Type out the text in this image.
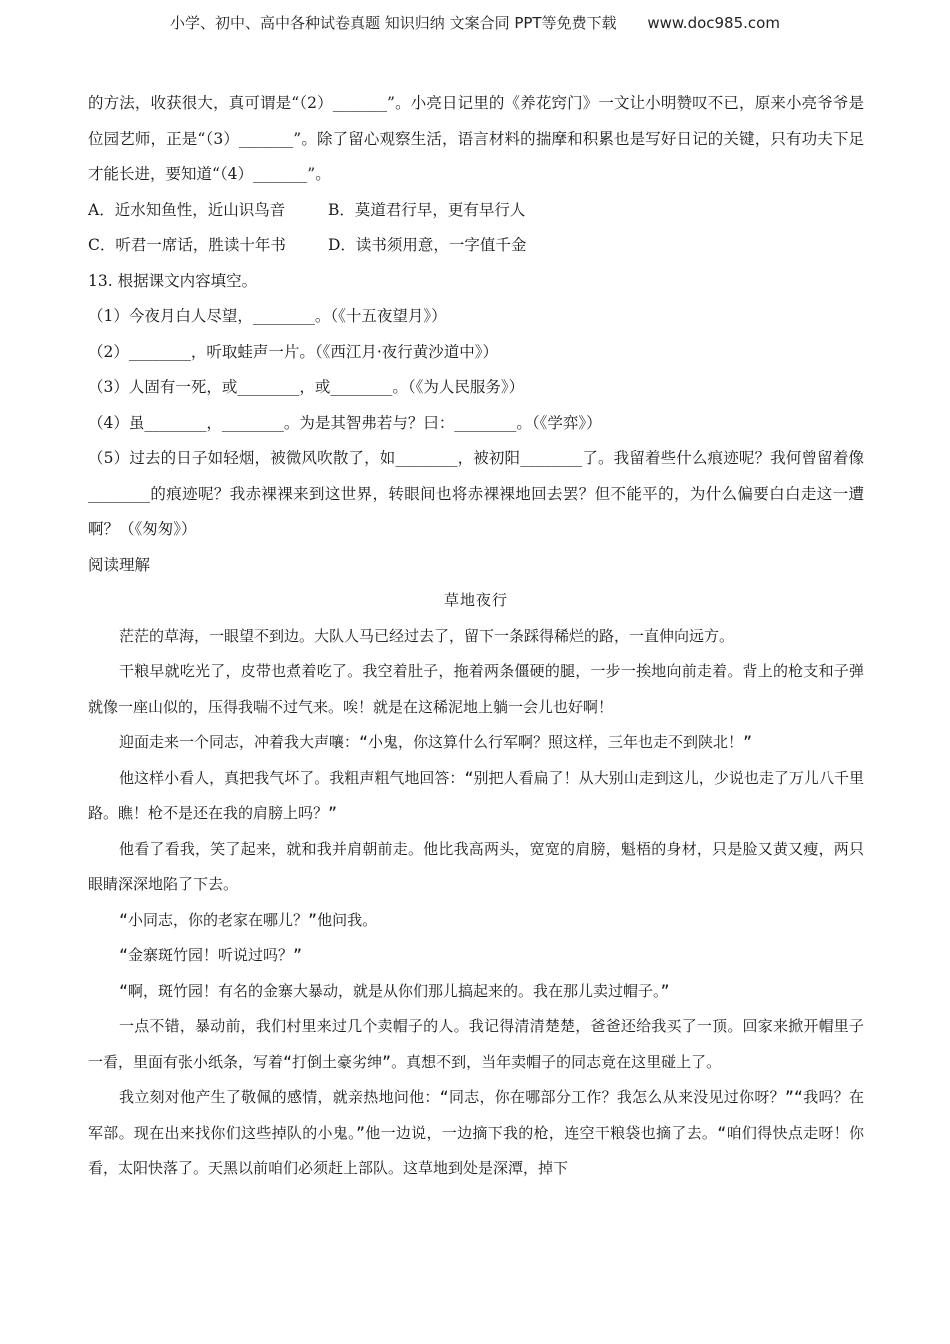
小学、初中、高中各种试卷真题 知识归纳 文案合同 PPT等免费下载 www.doc985.com

的方法，收获很大，真可谓是“（2）_______”。小亮日记里的《养花窍门》一文让小明赞叹不已，原来小亮爷爷是位园艺师，正是“（3）_______”。除了留心观察生活，语言材料的揣摩和积累也是写好日记的关键，只有功夫下足才能长进，要知道“（4）_______”。

A．近水知鱼性，近山识鸟音	B．莫道君行早，更有早行人
C．听君一席话，胜读十年书	D．读书须用意，一字值千金

13. 根据课文内容填空。

（1）今夜月白人尽望，________。（《十五夜望月》）

（2）________，听取蛙声一片。（《西江月·夜行黄沙道中》）

（3）人固有一死，或________，或________。（《为人民服务》）

（4）虽________，________。为是其智弗若与？曰：________。（《学弈》）

（5）过去的日子如轻烟，被微风吹散了，如________，被初阳________了。我留着些什么痕迹呢？我何曾留着像________的痕迹呢？我赤裸裸来到这世界，转眼间也将赤裸裸地回去罢？但不能平的，为什么偏要白白走这一遭啊？（《匆匆》）

阅读理解

草地夜行

茫茫的草海，一眼望不到边。大队人马已经过去了，留下一条踩得稀烂的路，一直伸向远方。

干粮早就吃光了，皮带也煮着吃了。我空着肚子，拖着两条僵硬的腿，一步一挨地向前走着。背上的枪支和子弹就像一座山似的，压得我喘不过气来。唉！就是在这稀泥地上躺一会儿也好啊！

迎面走来一个同志，冲着我大声嚷：“小鬼，你这算什么行军啊？照这样，三年也走不到陕北！”

他这样小看人，真把我气坏了。我粗声粗气地回答：“别把人看扁了！从大别山走到这儿，少说也走了万儿八千里路。瞧！枪不是还在我的肩膀上吗？”

他看了看我，笑了起来，就和我并肩朝前走。他比我高两头，宽宽的肩膀，魁梧的身材，只是脸又黄又瘦，两只眼睛深深地陷了下去。

“小同志，你的老家在哪儿？”他问我。

“金寨斑竹园！听说过吗？”

“啊，斑竹园！有名的金寨大暴动，就是从你们那儿搞起来的。我在那儿卖过帽子。”

一点不错，暴动前，我们村里来过几个卖帽子的人。我记得清清楚楚，爸爸还给我买了一顶。回家来掀开帽里子一看，里面有张小纸条，写着“打倒土豪劣绅”。真想不到，当年卖帽子的同志竟在这里碰上了。

我立刻对他产生了敬佩的感情，就亲热地问他：“同志，你在哪部分工作？我怎么从来没见过你呀？”“我吗？在军部。现在出来找你们这些掉队的小鬼。”他一边说，一边摘下我的枪，连空干粮袋也摘了去。“咱们得快点走呀！你看，太阳快落了。天黑以前咱们必须赶上部队。这草地到处是深潭，掉下
